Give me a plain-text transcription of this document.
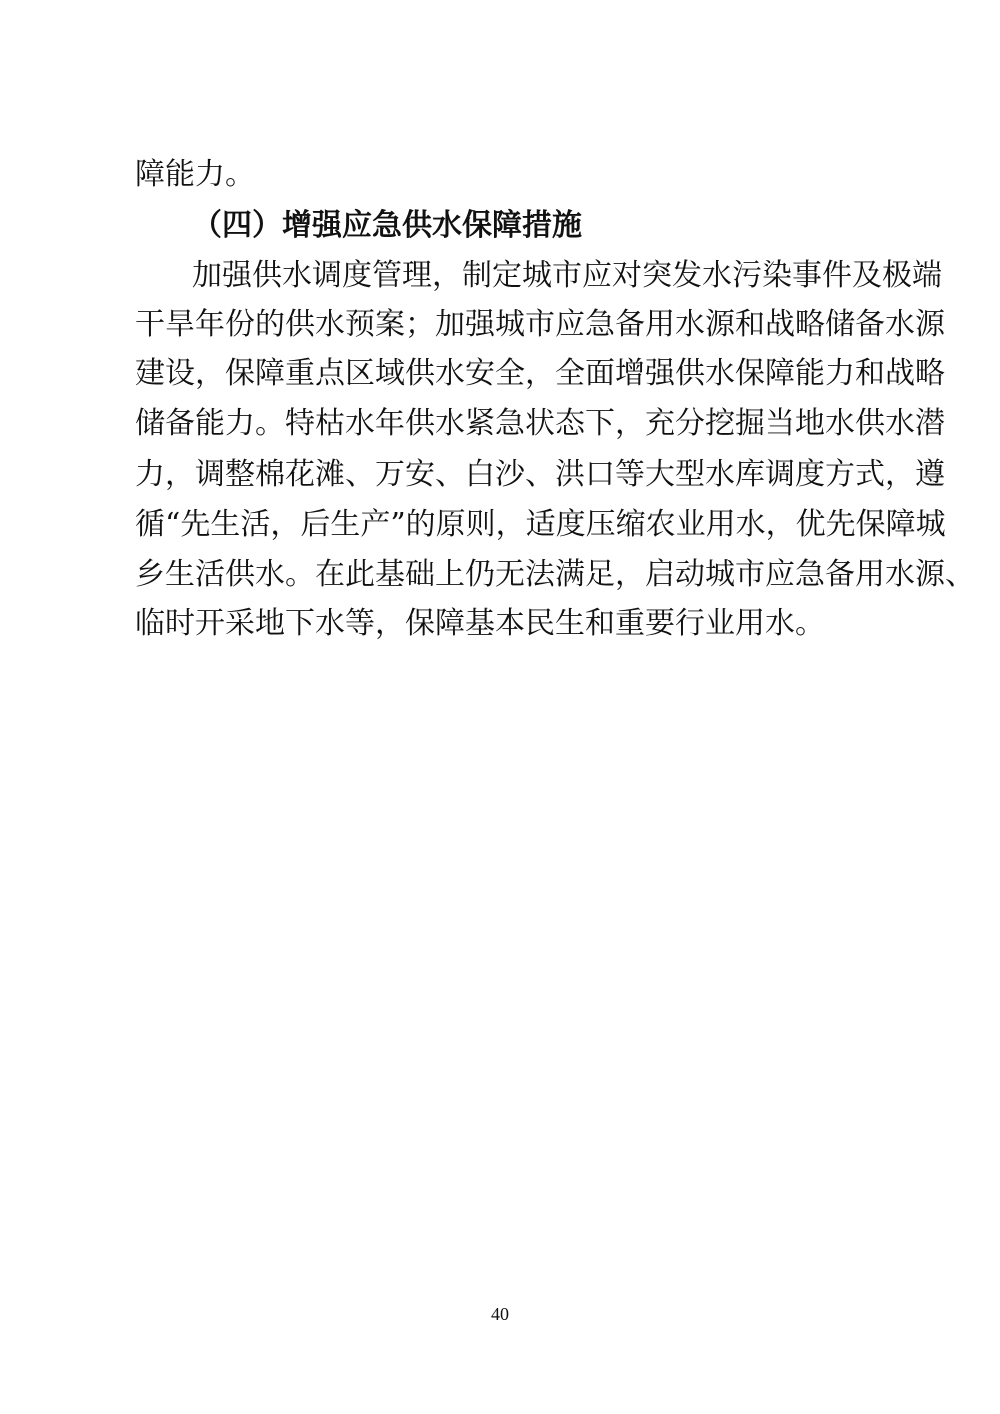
障能力。
（四）增强应急供水保障措施
加强供水调度管理，制定城市应对突发水污染事件及极端
干旱年份的供水预案；加强城市应急备用水源和战略储备水源
建设，保障重点区域供水安全，全面增强供水保障能力和战略
储备能力。特枯水年供水紧急状态下，充分挖掘当地水供水潜
力，调整棉花滩、万安、白沙、洪口等大型水库调度方式，遵
循“先生活，后生产”的原则，适度压缩农业用水，优先保障城
乡生活供水。在此基础上仍无法满足，启动城市应急备用水源、
临时开采地下水等，保障基本民生和重要行业用水。
40
